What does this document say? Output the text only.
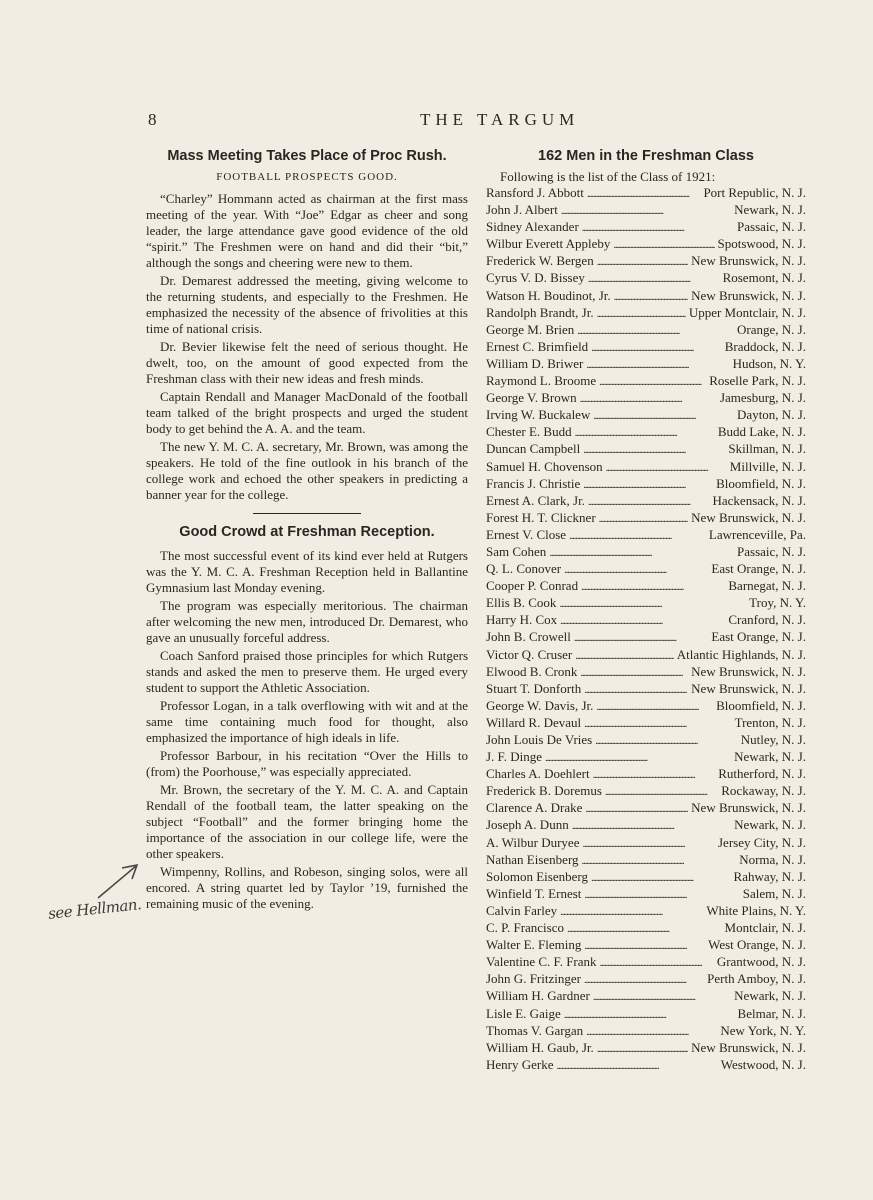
8	THE TARGUM
Mass Meeting Takes Place of Proc Rush.
FOOTBALL PROSPECTS GOOD.

“Charley” Hommann acted as chairman at the first mass meeting of the year. With “Joe” Edgar as cheer and song leader, the large attendance gave good evidence of the old “spirit.” The Freshmen were on hand and did their “bit,” although the songs and cheering were new to them.

Dr. Demarest addressed the meeting, giving welcome to the returning students, and especially to the Freshmen. He emphasized the necessity of the absence of frivolities at this time of national crisis.

Dr. Bevier likewise felt the need of serious thought. He dwelt, too, on the amount of good expected from the Freshman class with their new ideas and fresh minds.

Captain Rendall and Manager MacDonald of the football team talked of the bright prospects and urged the student body to get behind the A. A. and the team.

The new Y. M. C. A. secretary, Mr. Brown, was among the speakers. He told of the fine outlook in his branch of the college work and echoed the other speakers in predicting a banner year for the college.

Good Crowd at Freshman Reception.

The most successful event of its kind ever held at Rutgers was the Y. M. C. A. Freshman Reception held in Ballantine Gymnasium last Monday evening.

The program was especially meritorious. The chairman after welcoming the new men, introduced Dr. Demarest, who gave an unusually forceful address.

Coach Sanford praised those principles for which Rutgers stands and asked the men to preserve them. He urged every student to support the Athletic Association.

Professor Logan, in a talk overflowing with wit and at the same time containing much food for thought, also emphasized the importance of high ideals in life.

Professor Barbour, in his recitation “Over the Hills to (from) the Poorhouse,” was especially appreciated.

Mr. Brown, the secretary of the Y. M. C. A. and Captain Rendall of the football team, the latter speaking on the subject “Football” and the former bringing home the importance of the association in our college life, were the other speakers.

Wimpenny, Rollins, and Robeson, singing solos, were all encored. A string quartet led by Taylor ’19, furnished the remaining music of the evening.

162 Men in the Freshman Class

Following is the list of the Class of 1921:

Ransford J. Abbott . . .	Port Republic, N. J.
John J. Albert . . .	Newark, N. J.
Sidney Alexander . . .	Passaic, N. J.
Wilbur Everett Appleby . . .	Spotswood, N. J.
Frederick W. Bergen . . .	New Brunswick, N. J.
Cyrus V. D. Bissey . . .	Rosemont, N. J.
Watson H. Boudinot, Jr. . . .	New Brunswick, N. J.
Randolph Brandt, Jr. . . .	Upper Montclair, N. J.
George M. Brien . . .	Orange, N. J.
Ernest C. Brimfield . . .	Braddock, N. J.
William D. Briwer . . .	Hudson, N. Y.
Raymond L. Broome . . .	Roselle Park, N. J.
George V. Brown . . .	Jamesburg, N. J.
Irving W. Buckalew . . .	Dayton, N. J.
Chester E. Budd . . .	Budd Lake, N. J.
Duncan Campbell . . .	Skillman, N. J.
Samuel H. Chovenson . . .	Millville, N. J.
Francis J. Christie . . .	Bloomfield, N. J.
Ernest A. Clark, Jr. . . .	Hackensack, N. J.
Forest H. T. Clickner . . .	New Brunswick, N. J.
Ernest V. Close . . .	Lawrenceville, Pa.
Sam Cohen . . .	Passaic, N. J.
Q. L. Conover . . .	East Orange, N. J.
Cooper P. Conrad . . .	Barnegat, N. J.
Ellis B. Cook . . .	Troy, N. Y.
Harry H. Cox . . .	Cranford, N. J.
John B. Crowell . . .	East Orange, N. J.
Victor Q. Cruser . . .	Atlantic Highlands, N. J.
Elwood B. Cronk . . .	New Brunswick, N. J.
Stuart T. Donforth . . .	New Brunswick, N. J.
George W. Davis, Jr. . . .	Bloomfield, N. J.
Willard R. Devaul . . .	Trenton, N. J.
John Louis De Vries . . .	Nutley, N. J.
J. F. Dinge . . .	Newark, N. J.
Charles A. Doehlert . . .	Rutherford, N. J.
Frederick B. Doremus . . .	Rockaway, N. J.
Clarence A. Drake . . .	New Brunswick, N. J.
Joseph A. Dunn . . .	Newark, N. J.
A. Wilbur Duryee . . .	Jersey City, N. J.
Nathan Eisenberg . . .	Norma, N. J.
Solomon Eisenberg . . .	Rahway, N. J.
Winfield T. Ernest . . .	Salem, N. J.
Calvin Farley . . .	White Plains, N. Y.
C. P. Francisco . . .	Montclair, N. J.
Walter E. Fleming . . .	West Orange, N. J.
Valentine C. F. Frank . . .	Grantwood, N. J.
John G. Fritzinger . . .	Perth Amboy, N. J.
William H. Gardner . . .	Newark, N. J.
Lisle E. Gaige . . .	Belmar, N. J.
Thomas V. Gargan . . .	New York, N. Y.
William H. Gaub, Jr. . . .	New Brunswick, N. J.
Henry Gerke . . .	Westwood, N. J.
see Hellman.
